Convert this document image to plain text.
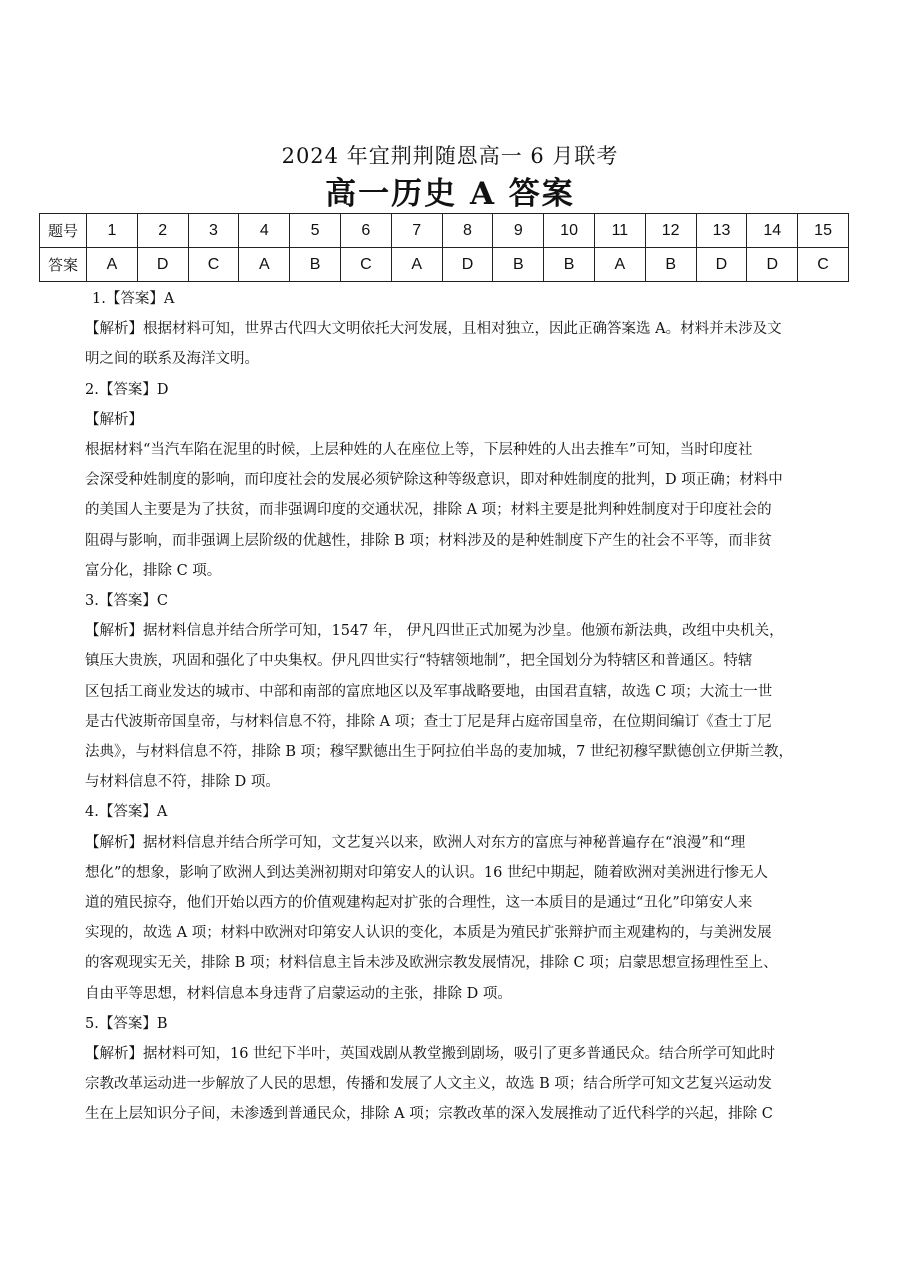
2024 年宜荆荆随恩高一 6 月联考
高一历史 A 答案
题号	1	2	3	4	5	6	7	8	9	10	11	12	13	14	15
答案	A	D	C	A	B	C	A	D	B	B	A	B	D	D	C

1.【答案】A

【解析】根据材料可知，世界古代四大文明依托大河发展，且相对独立，因此正确答案选 A。材料并未涉及文

明之间的联系及海洋文明。

2.【答案】D

【解析】

根据材料“当汽车陷在泥里的时候，上层种姓的人在座位上等，下层种姓的人出去推车”可知，当时印度社

会深受种姓制度的影响，而印度社会的发展必须铲除这种等级意识，即对种姓制度的批判，D 项正确；材料中

的美国人主要是为了扶贫，而非强调印度的交通状况，排除 A 项；材料主要是批判种姓制度对于印度社会的

阻碍与影响，而非强调上层阶级的优越性，排除 B 项；材料涉及的是种姓制度下产生的社会不平等，而非贫

富分化，排除 C 项。

3.【答案】C

【解析】据材料信息并结合所学可知，1547 年， 伊凡四世正式加冕为沙皇。他颁布新法典，改组中央机关，

镇压大贵族，巩固和强化了中央集权。伊凡四世实行“特辖领地制”，把全国划分为特辖区和普通区。特辖

区包括工商业发达的城市、中部和南部的富庶地区以及军事战略要地，由国君直辖，故选 C 项；大流士一世

是古代波斯帝国皇帝，与材料信息不符，排除 A 项；查士丁尼是拜占庭帝国皇帝，在位期间编订《查士丁尼

法典》，与材料信息不符，排除 B 项；穆罕默德出生于阿拉伯半岛的麦加城，7 世纪初穆罕默德创立伊斯兰教，

与材料信息不符，排除 D 项。

4.【答案】A

【解析】据材料信息并结合所学可知，文艺复兴以来，欧洲人对东方的富庶与神秘普遍存在“浪漫”和“理

想化”的想象，影响了欧洲人到达美洲初期对印第安人的认识。16 世纪中期起，随着欧洲对美洲进行惨无人

道的殖民掠夺，他们开始以西方的价值观建构起对扩张的合理性，这一本质目的是通过“丑化”印第安人来

实现的，故选 A 项；材料中欧洲对印第安人认识的变化，本质是为殖民扩张辩护而主观建构的，与美洲发展

的客观现实无关，排除 B 项；材料信息主旨未涉及欧洲宗教发展情况，排除 C 项；启蒙思想宣扬理性至上、

自由平等思想，材料信息本身违背了启蒙运动的主张，排除 D 项。

5.【答案】B

【解析】据材料可知，16 世纪下半叶，英国戏剧从教堂搬到剧场，吸引了更多普通民众。结合所学可知此时

宗教改革运动进一步解放了人民的思想，传播和发展了人文主义，故选 B 项；结合所学可知文艺复兴运动发

生在上层知识分子间，未渗透到普通民众，排除 A 项；宗教改革的深入发展推动了近代科学的兴起，排除 C
